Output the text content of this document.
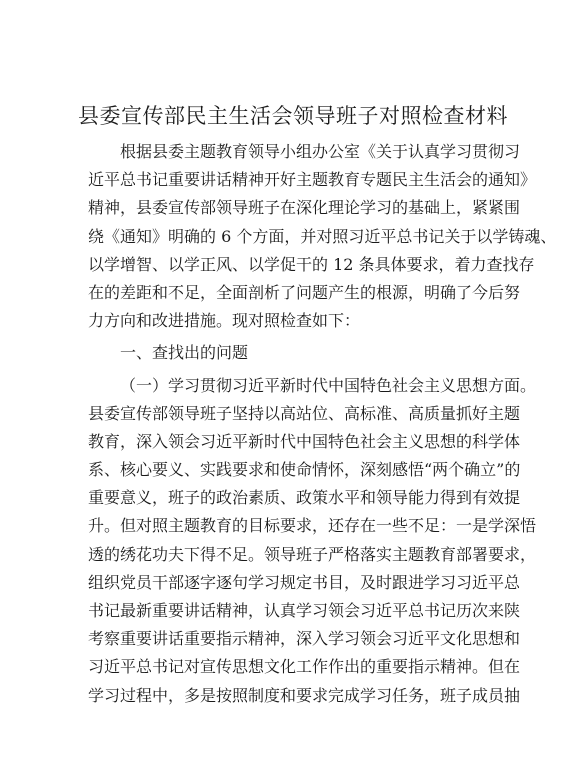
县委宣传部民主生活会领导班子对照检查材料
根据县委主题教育领导小组办公室《关于认真学习贯彻习
近平总书记重要讲话精神开好主题教育专题民主生活会的通知》
精神，县委宣传部领导班子在深化理论学习的基础上，紧紧围
绕《通知》明确的 6 个方面，并对照习近平总书记关于以学铸魂、
以学增智、以学正风、以学促干的 12 条具体要求，着力查找存
在的差距和不足，全面剖析了问题产生的根源，明确了今后努
力方向和改进措施。现对照检查如下：
一、查找出的问题
（一）学习贯彻习近平新时代中国特色社会主义思想方面。
县委宣传部领导班子坚持以高站位、高标准、高质量抓好主题
教育，深入领会习近平新时代中国特色社会主义思想的科学体
系、核心要义、实践要求和使命情怀，深刻感悟“两个确立”的
重要意义，班子的政治素质、政策水平和领导能力得到有效提
升。但对照主题教育的目标要求，还存在一些不足：一是学深悟
透的绣花功夫下得不足。领导班子严格落实主题教育部署要求，
组织党员干部逐字逐句学习规定书目，及时跟进学习习近平总
书记最新重要讲话精神，认真学习领会习近平总书记历次来陕
考察重要讲话重要指示精神，深入学习领会习近平文化思想和
习近平总书记对宣传思想文化工作作出的重要指示精神。但在
学习过程中，多是按照制度和要求完成学习任务，班子成员抽
